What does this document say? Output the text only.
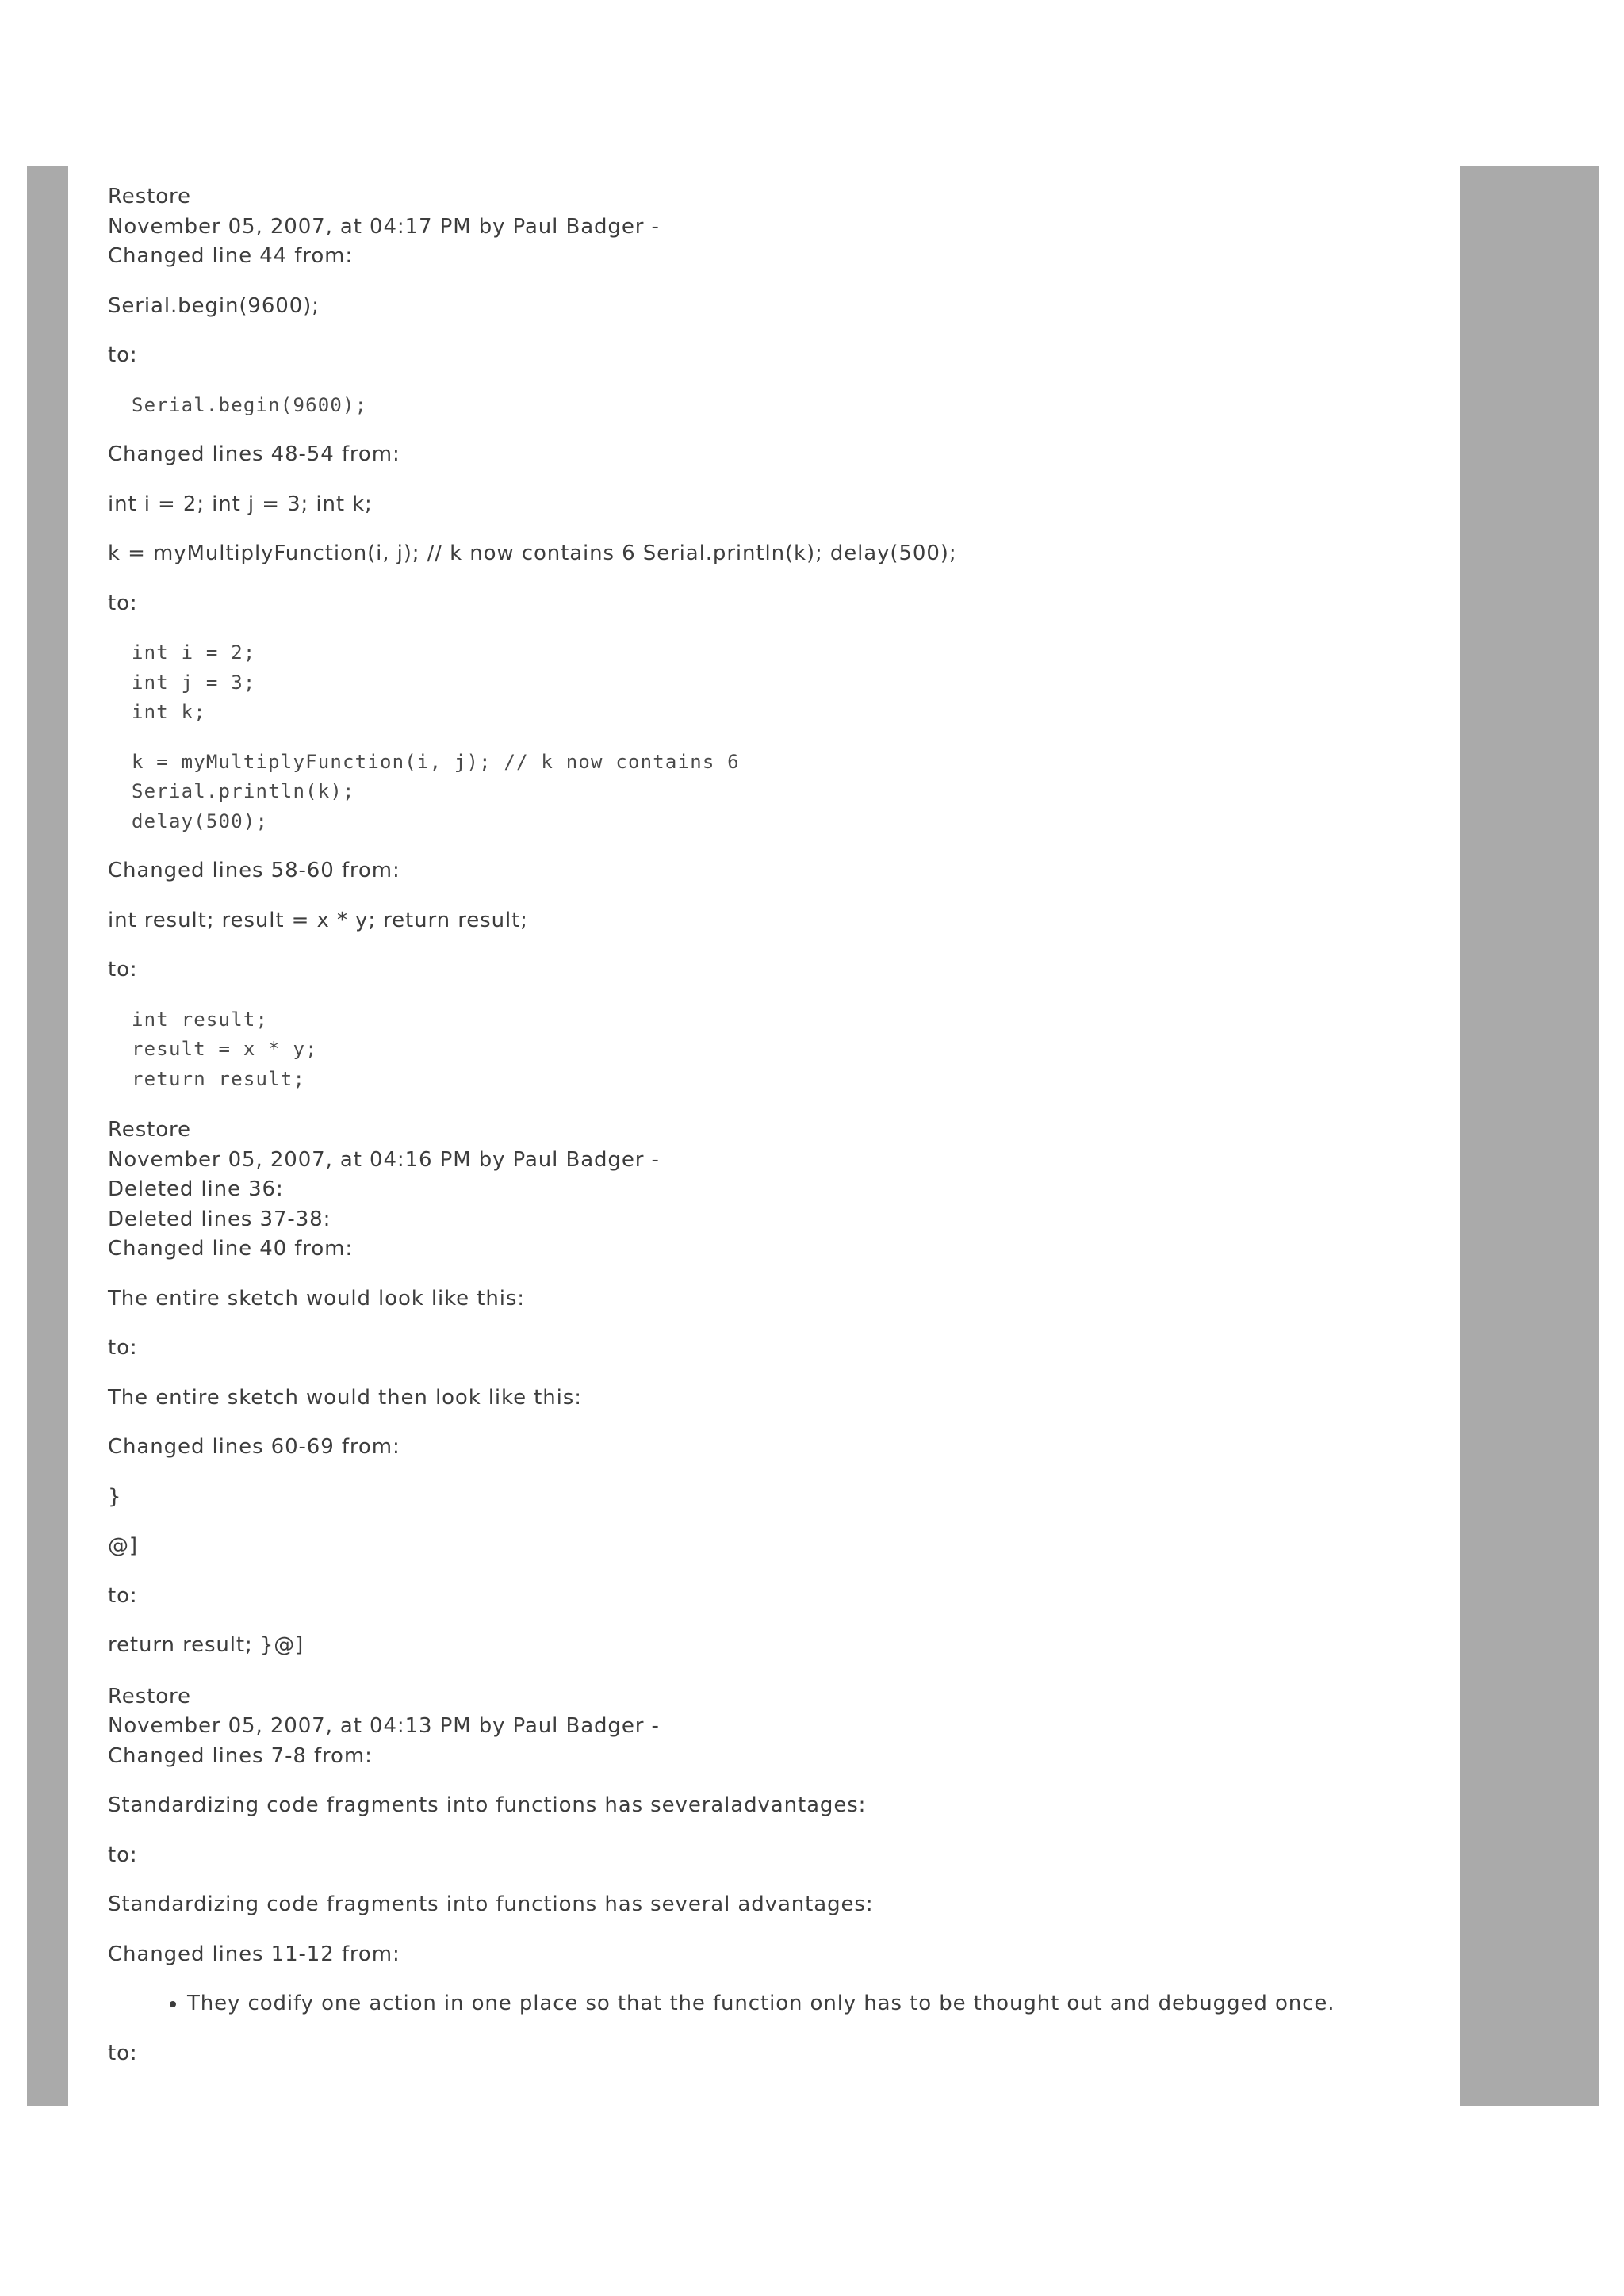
Restore
November 05, 2007, at 04:17 PM by Paul Badger -
Changed line 44 from:

Serial.begin(9600);

to:

Serial.begin(9600);

Changed lines 48-54 from:

int i = 2; int j = 3; int k;

k = myMultiplyFunction(i, j); // k now contains 6 Serial.println(k); delay(500);

to:

int i = 2;
int j = 3;
int k;
k = myMultiplyFunction(i, j); // k now contains 6
Serial.println(k);
delay(500);

Changed lines 58-60 from:

int result; result = x * y; return result;

to:

int result;
result = x * y;
return result;
Restore
November 05, 2007, at 04:16 PM by Paul Badger -
Deleted line 36:
Deleted lines 37-38:
Changed line 40 from:

The entire sketch would look like this:

to:

The entire sketch would then look like this:

Changed lines 60-69 from:

}

@]

to:

return result; }@]

Restore
November 05, 2007, at 04:13 PM by Paul Badger -
Changed lines 7-8 from:

Standardizing code fragments into functions has severaladvantages:

to:

Standardizing code fragments into functions has several advantages:

Changed lines 11-12 from:

• They codify one action in one place so that the function only has to be thought out and debugged once.

to:
